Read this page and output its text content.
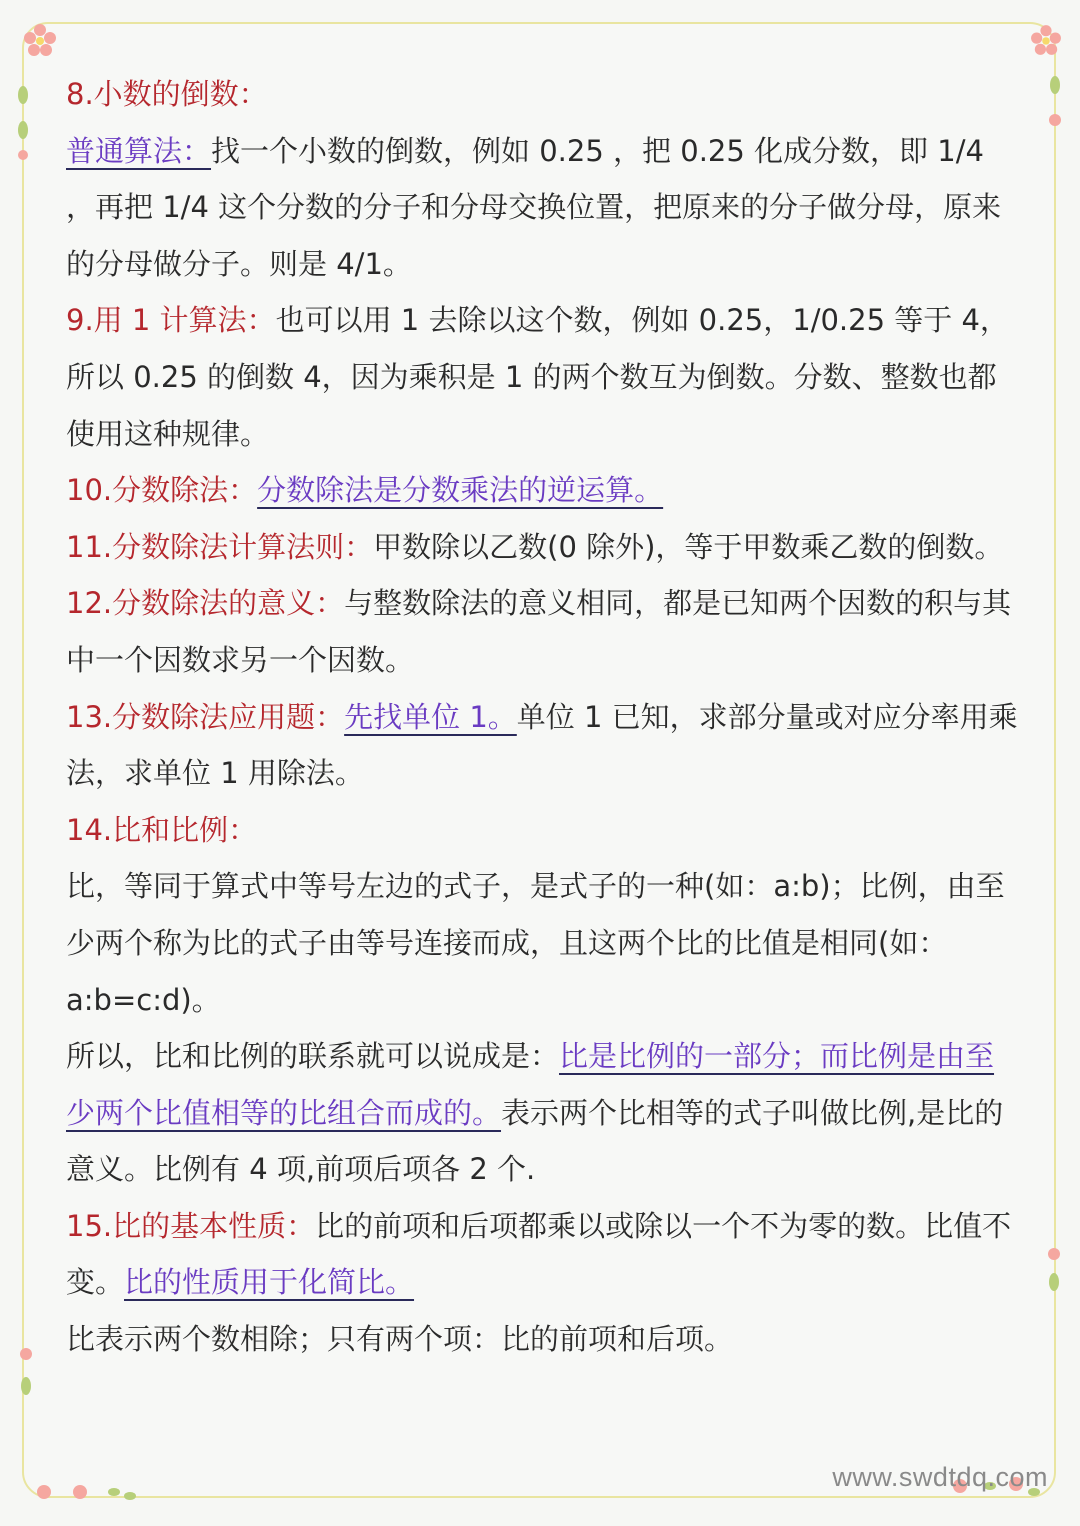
8.小数的倒数：

普通算法：找一个小数的倒数，例如 0.25 ，把 0.25 化成分数，即 1/4 ，再把 1/4 这个分数的分子和分母交换位置，把原来的分子做分母，原来的分母做分子。则是 4/1。

9.用 1 计算法：也可以用 1 去除以这个数，例如 0.25，1/0.25 等于 4，所以 0.25 的倒数 4，因为乘积是 1 的两个数互为倒数。分数、整数也都使用这种规律。

10.分数除法：分数除法是分数乘法的逆运算。

11.分数除法计算法则：甲数除以乙数(0 除外)，等于甲数乘乙数的倒数。

12.分数除法的意义：与整数除法的意义相同，都是已知两个因数的积与其中一个因数求另一个因数。

13.分数除法应用题：先找单位 1。单位 1 已知，求部分量或对应分率用乘法，求单位 1 用除法。

14.比和比例：

比，等同于算式中等号左边的式子，是式子的一种(如：a:b)；比例，由至少两个称为比的式子由等号连接而成，且这两个比的比值是相同(如：a:b=c:d)。

所以，比和比例的联系就可以说成是：比是比例的一部分；而比例是由至少两个比值相等的比组合而成的。表示两个比相等的式子叫做比例,是比的意义。比例有 4 项,前项后项各 2 个.

15.比的基本性质：比的前项和后项都乘以或除以一个不为零的数。比值不变。比的性质用于化简比。

比表示两个数相除；只有两个项：比的前项和后项。

www.swdtdq.com
